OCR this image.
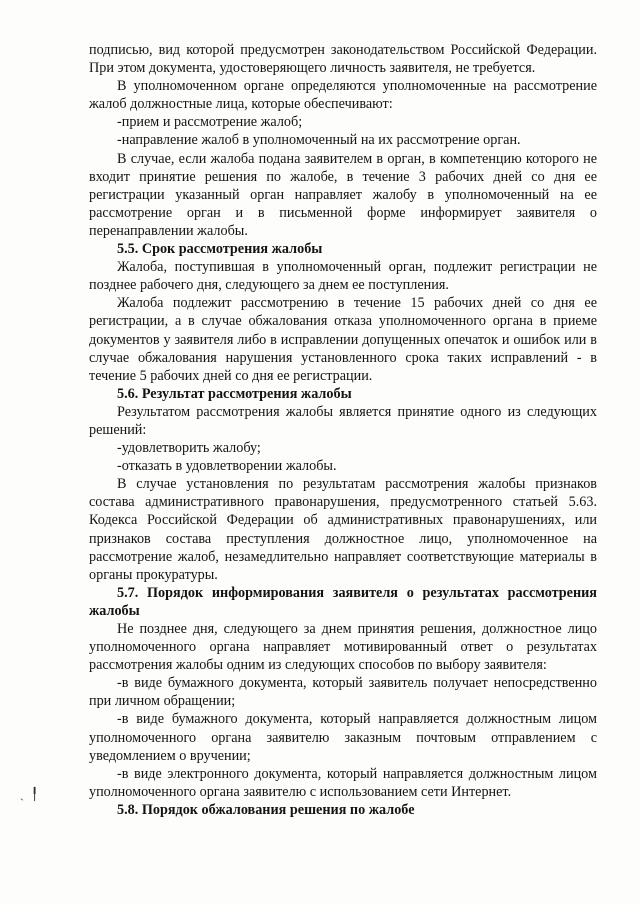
подписью, вид которой предусмотрен законодательством Российской Федерации. При этом документа, удостоверяющего личность заявителя, не требуется.

В уполномоченном органе определяются уполномоченные на рассмотрение жалоб должностные лица, которые обеспечивают:

-прием и рассмотрение жалоб;

-направление жалоб в уполномоченный на их рассмотрение орган.

В случае, если жалоба подана заявителем в орган, в компетенцию которого не входит принятие решения по жалобе, в течение 3 рабочих дней со дня ее регистрации указанный орган направляет жалобу в уполномоченный на ее рассмотрение орган и в письменной форме информирует заявителя о перенаправлении жалобы.

5.5. Срок рассмотрения жалобы

Жалоба, поступившая в уполномоченный орган, подлежит регистрации не позднее рабочего дня, следующего за днем ее поступления.

Жалоба подлежит рассмотрению в течение 15 рабочих дней со дня ее регистрации, а в случае обжалования отказа уполномоченного органа в приеме документов у заявителя либо в исправлении допущенных опечаток и ошибок или в случае обжалования нарушения установленного срока таких исправлений - в течение 5 рабочих дней со дня ее регистрации.

5.6. Результат рассмотрения жалобы

Результатом рассмотрения жалобы является принятие одного из следующих решений:

-удовлетворить жалобу;

-отказать в удовлетворении жалобы.

В случае установления по результатам рассмотрения жалобы признаков состава административного правонарушения, предусмотренного статьей 5.63. Кодекса Российской Федерации об административных правонарушениях, или признаков состава преступления должностное лицо, уполномоченное на рассмотрение жалоб, незамедлительно направляет соответствующие материалы в органы прокуратуры.

5.7. Порядок информирования заявителя о результатах рассмотрения жалобы

Не позднее дня, следующего за днем принятия решения, должностное лицо уполномоченного органа направляет мотивированный ответ о результатах рассмотрения жалобы одним из следующих способов по выбору заявителя:

-в виде бумажного документа, который заявитель получает непосредственно при личном обращении;

-в виде бумажного документа, который направляется должностным лицом уполномоченного органа заявителю заказным почтовым отправлением с уведомлением о вручении;

-в виде электронного документа, который направляется должностным лицом уполномоченного органа заявителю с использованием сети Интернет.

5.8. Порядок обжалования решения по жалобе

ˎ ╿
